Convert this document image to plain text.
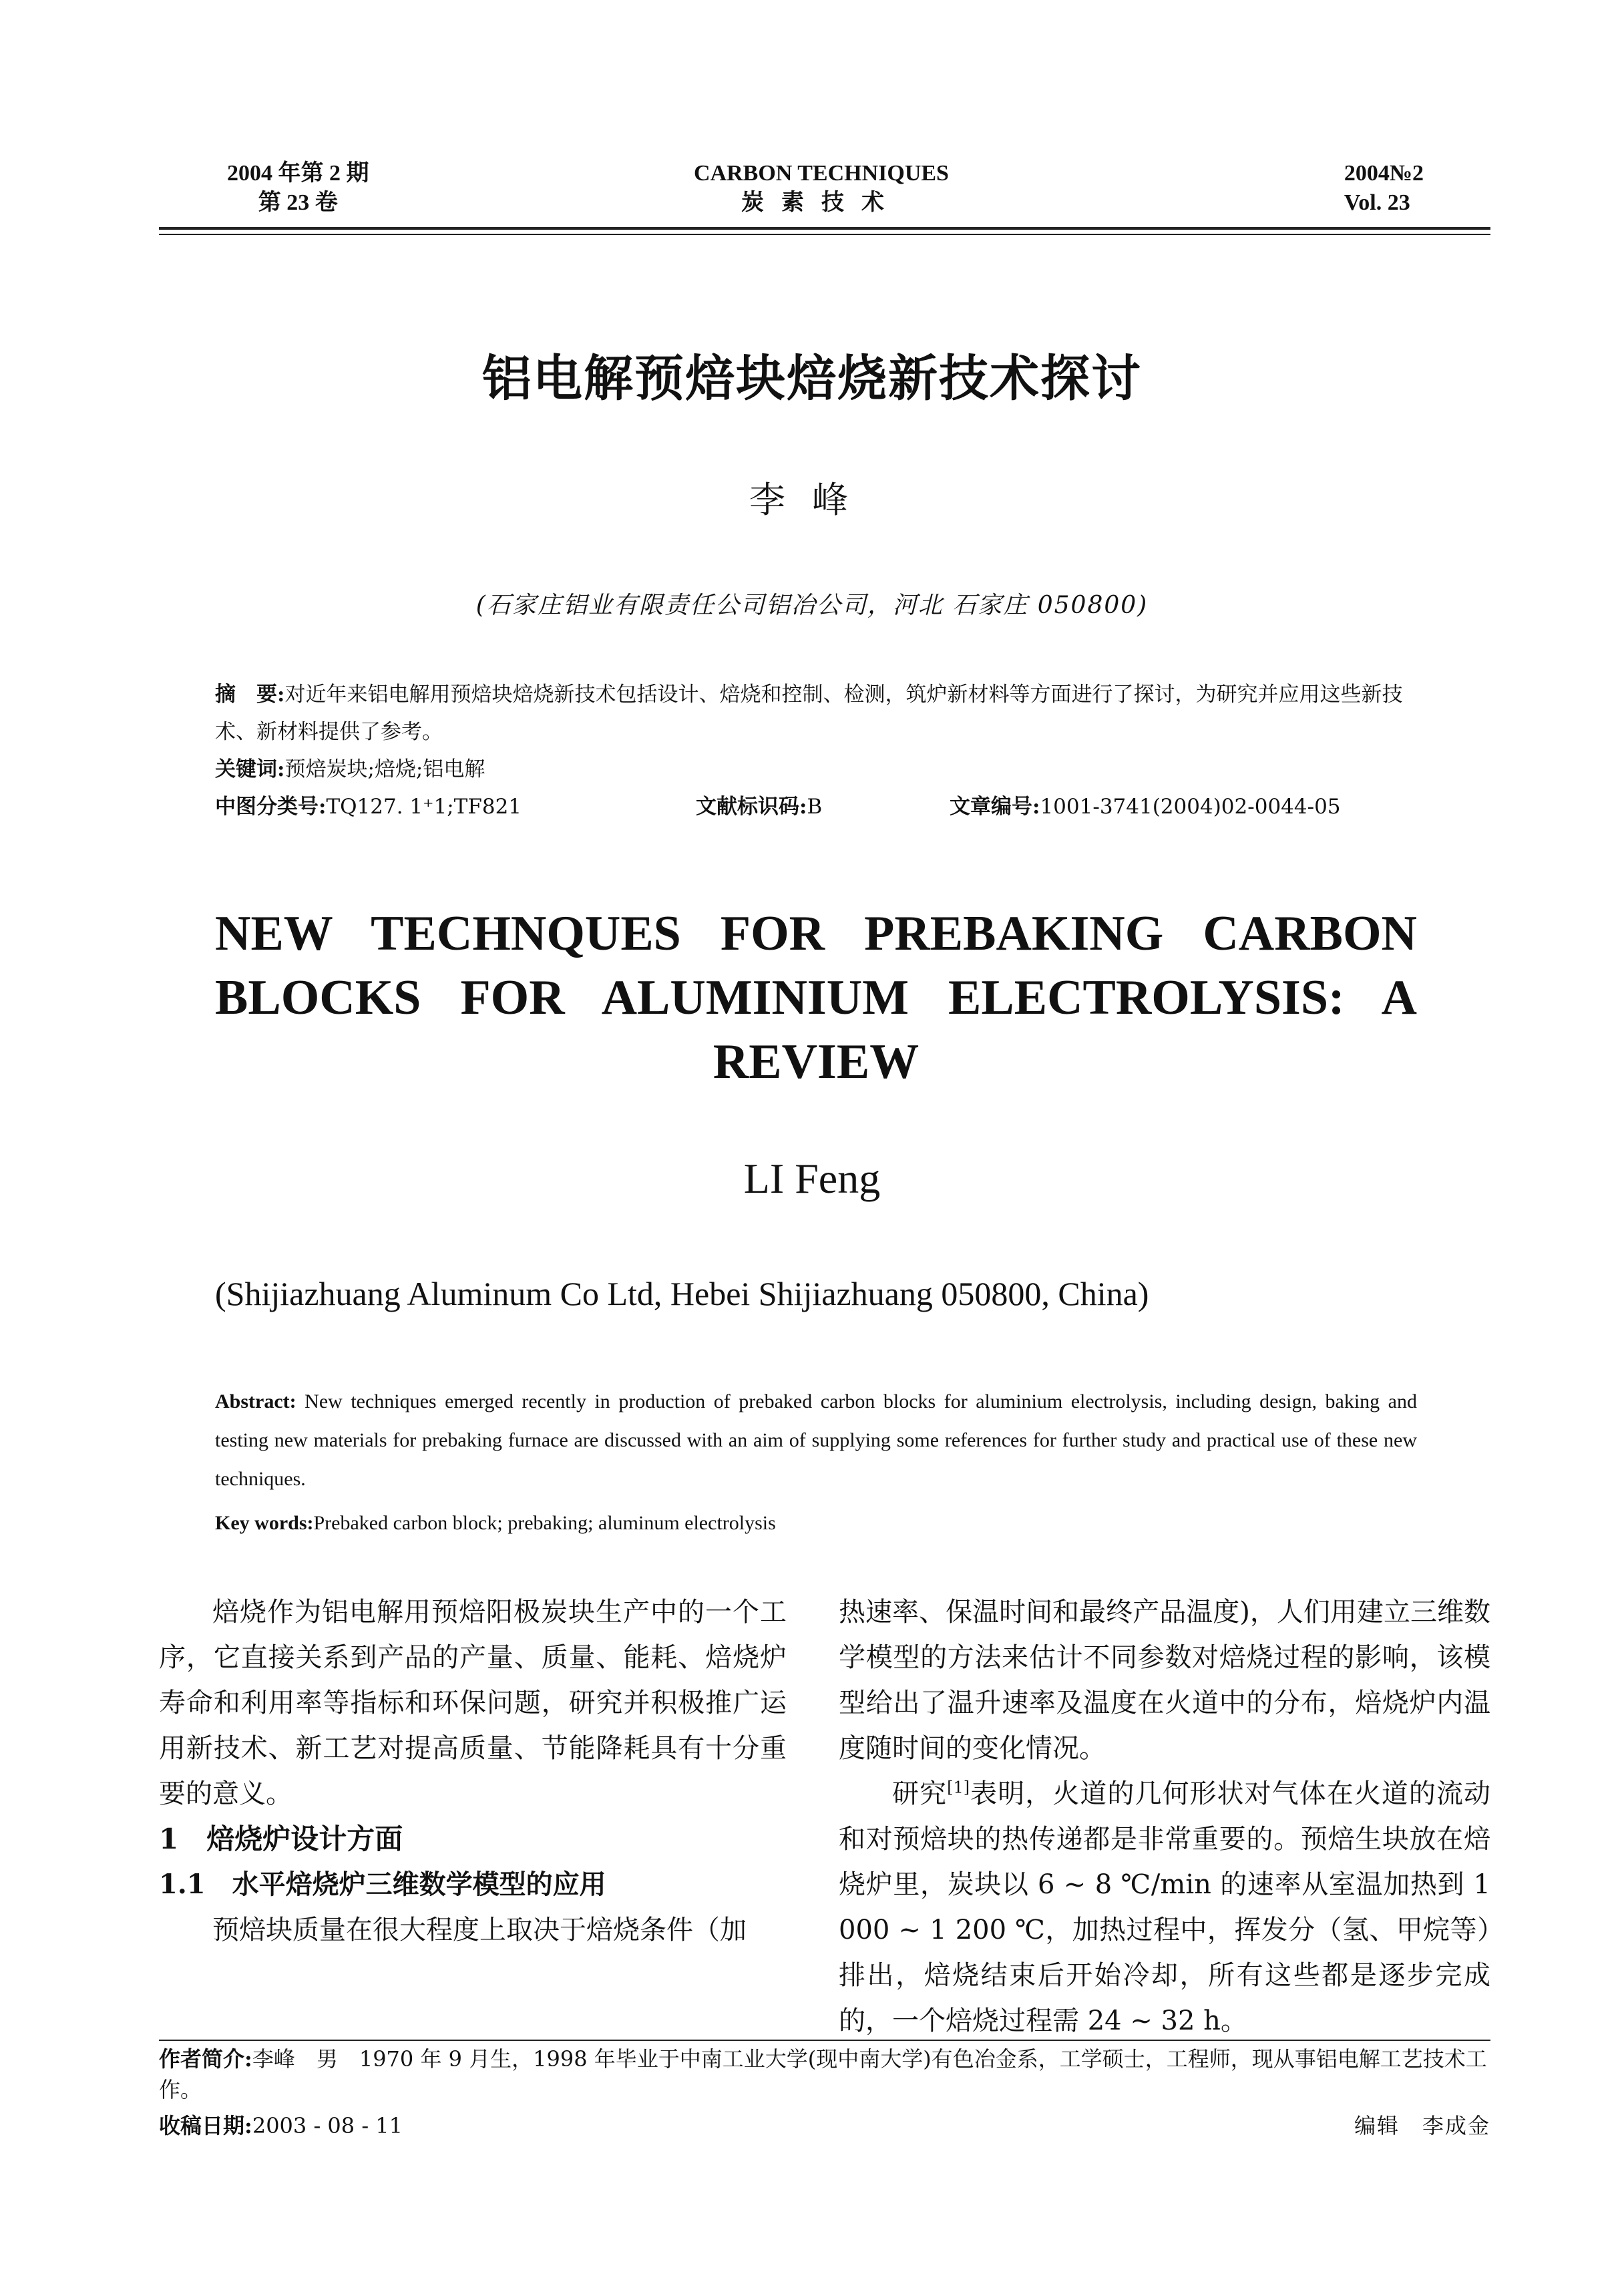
2004 年第 2 期
第 23 卷
CARBON TECHNIQUES
炭素技术
2004№2
Vol. 23
铝电解预焙块焙烧新技术探讨
李峰
(石家庄铝业有限责任公司铝冶公司，河北 石家庄 050800)
摘　要:对近年来铝电解用预焙块焙烧新技术包括设计、焙烧和控制、检测，筑炉新材料等方面进行了探讨，为研究并应用这些新技术、新材料提供了参考。
关键词:预焙炭块;焙烧;铝电解
中图分类号:TQ127. 1⁺1;TF821	文献标识码:B	文章编号:1001-3741(2004)02-0044-05
NEW TECHNQUES FOR PREBAKING CARBON
BLOCKS FOR ALUMINIUM ELECTROLYSIS: A
REVIEW
LI Feng
(Shijiazhuang Aluminum Co Ltd, Hebei Shijiazhuang 050800, China)
Abstract: New techniques emerged recently in production of prebaked carbon blocks for aluminium electrolysis, including design, baking and testing new materials for prebaking furnace are discussed with an aim of supplying some references for further study and practical use of these new techniques.
Key words:Prebaked carbon block; prebaking; aluminum electrolysis

焙烧作为铝电解用预焙阳极炭块生产中的一个工序，它直接关系到产品的产量、质量、能耗、焙烧炉寿命和利用率等指标和环保问题，研究并积极推广运用新技术、新工艺对提高质量、节能降耗具有十分重要的意义。

1　焙烧炉设计方面

1.1　水平焙烧炉三维数学模型的应用

预焙块质量在很大程度上取决于焙烧条件（加

热速率、保温时间和最终产品温度)，人们用建立三维数学模型的方法来估计不同参数对焙烧过程的影响，该模型给出了温升速率及温度在火道中的分布，焙烧炉内温度随时间的变化情况。

研究[1]表明，火道的几何形状对气体在火道的流动和对预焙块的热传递都是非常重要的。预焙生块放在焙烧炉里，炭块以 6 ~ 8 ℃/min 的速率从室温加热到 1 000 ~ 1 200 ℃，加热过程中，挥发分（氢、甲烷等）排出，焙烧结束后开始冷却，所有这些都是逐步完成的，一个焙烧过程需 24 ~ 32 h。

作者简介:李峰　男　1970 年 9 月生，1998 年毕业于中南工业大学(现中南大学)有色冶金系，工学硕士，工程师，现从事铝电解工艺技术工作。
收稿日期:2003 - 08 - 11	编辑　李成金
